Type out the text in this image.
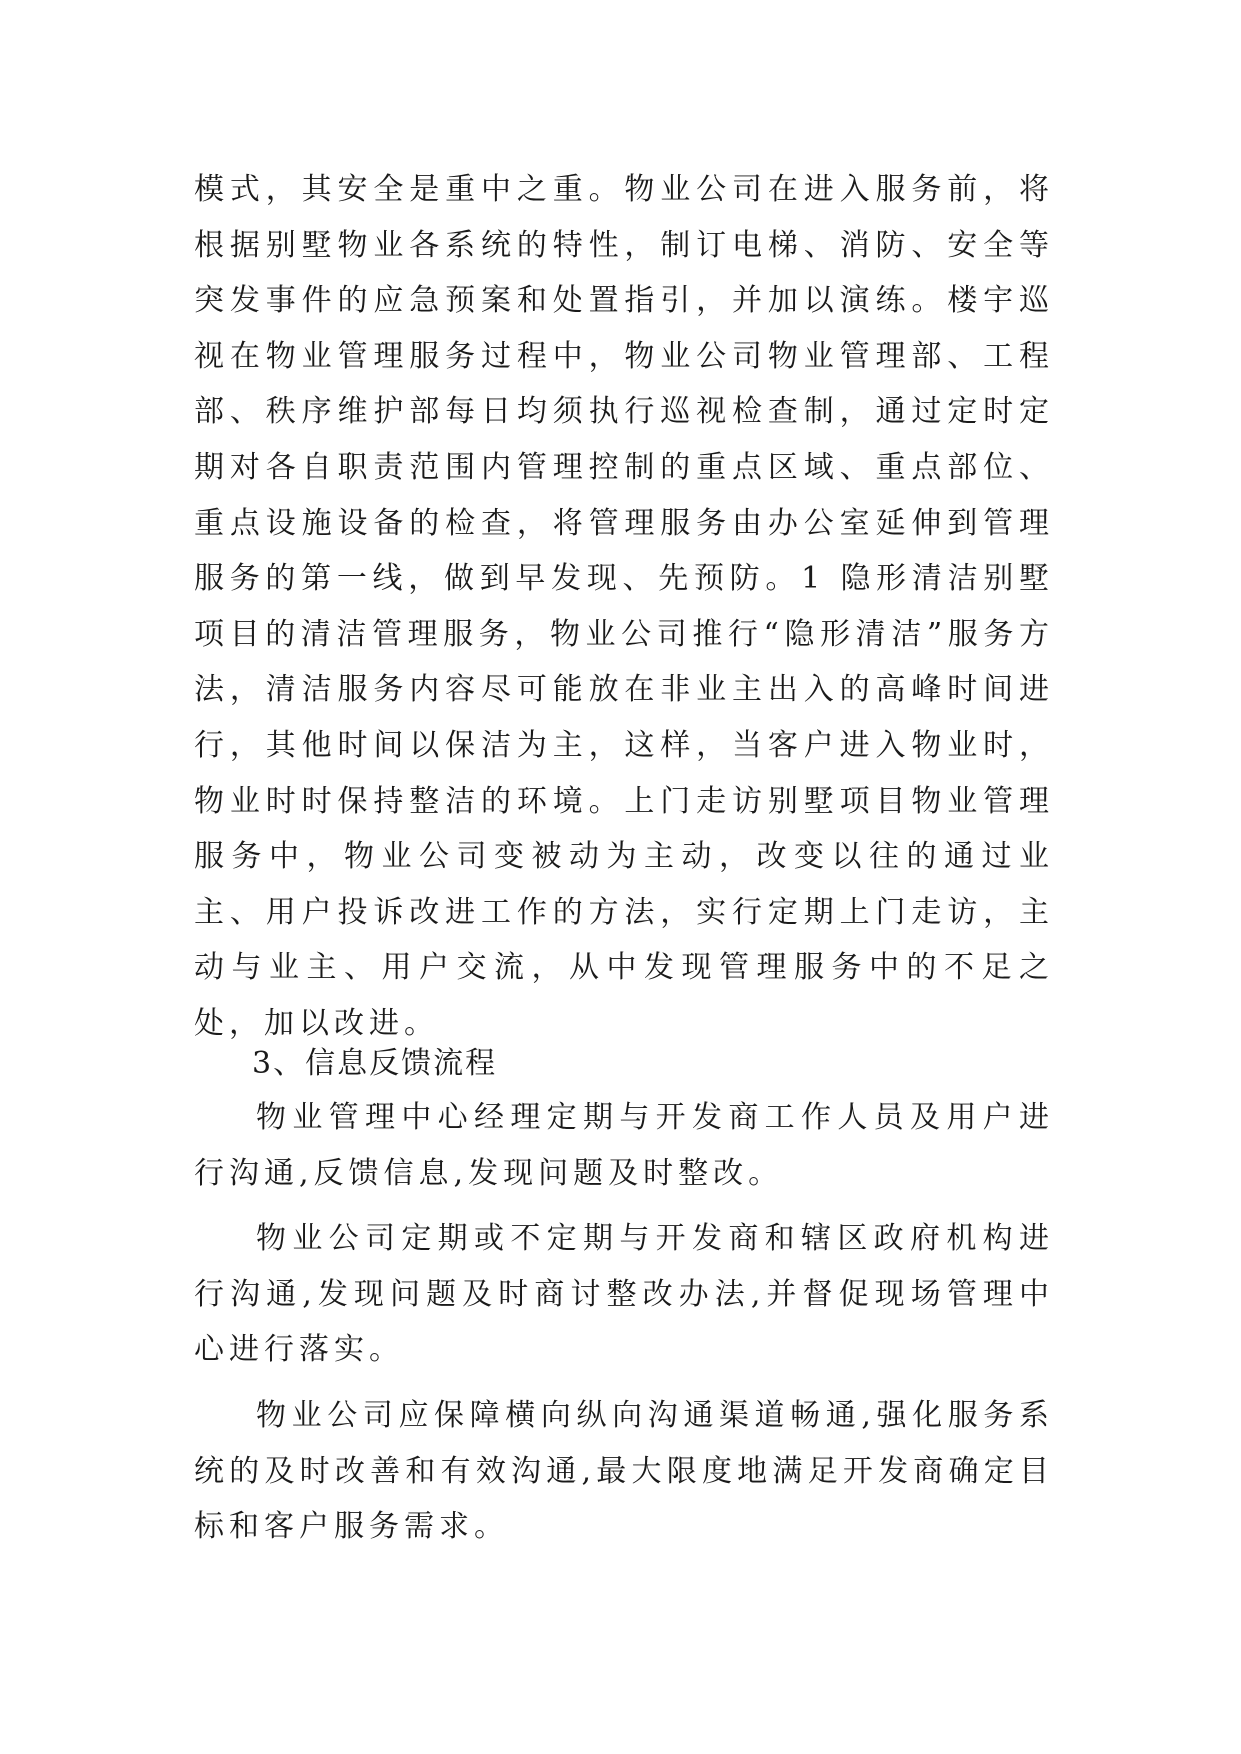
模式，其安全是重中之重。物业公司在进入服务前，将根据别墅物业各系统的特性，制订电梯、消防、安全等突发事件的应急预案和处置指引，并加以演练。楼宇巡视在物业管理服务过程中，物业公司物业管理部、工程部、秩序维护部每日均须执行巡视检查制，通过定时定期对各自职责范围内管理控制的重点区域、重点部位、重点设施设备的检查，将管理服务由办公室延伸到管理服务的第一线，做到早发现、先预防。1 隐形清洁别墅项目的清洁管理服务，物业公司推行“隐形清洁”服务方法，清洁服务内容尽可能放在非业主出入的高峰时间进行，其他时间以保洁为主，这样，当客户进入物业时，物业时时保持整洁的环境。上门走访别墅项目物业管理服务中，物业公司变被动为主动，改变以往的通过业主、用户投诉改进工作的方法，实行定期上门走访，主动与业主、用户交流，从中发现管理服务中的不足之处，加以改进。

3、信息反馈流程

物业管理中心经理定期与开发商工作人员及用户进行沟通,反馈信息,发现问题及时整改。

物业公司定期或不定期与开发商和辖区政府机构进行沟通,发现问题及时商讨整改办法,并督促现场管理中心进行落实。

物业公司应保障横向纵向沟通渠道畅通,强化服务系统的及时改善和有效沟通,最大限度地满足开发商确定目标和客户服务需求。
